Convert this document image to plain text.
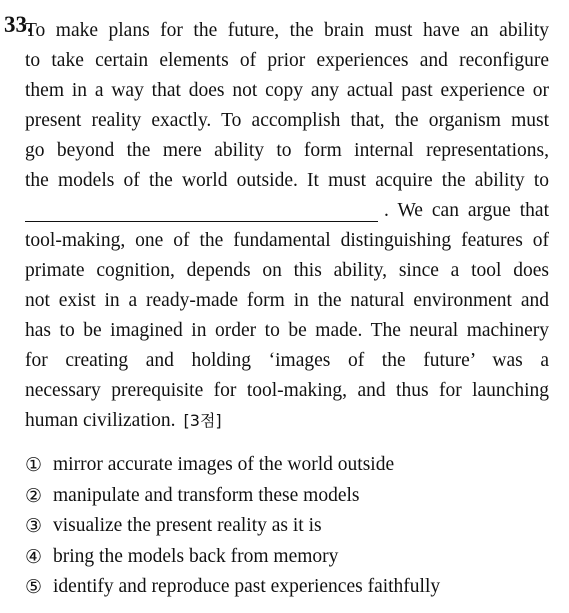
33.
To make plans for the future, the brain must have an ability
to take certain elements of prior experiences and reconfigure
them in a way that does not copy any actual past experience or
present reality exactly. To accomplish that, the organism must
go beyond the mere ability to form internal representations,
the models of the world outside. It must acquire the ability to
. We can argue that
tool-making, one of the fundamental distinguishing features of
primate cognition, depends on this ability, since a tool does
not exist in a ready-made form in the natural environment and
has to be imagined in order to be made. The neural machinery
for creating and holding ‘images of the future’ was a
necessary prerequisite for tool-making, and thus for launching
human civilization. [3점]
① mirror accurate images of the world outside
② manipulate and transform these models
③ visualize the present reality as it is
④ bring the models back from memory
⑤ identify and reproduce past experiences faithfully
